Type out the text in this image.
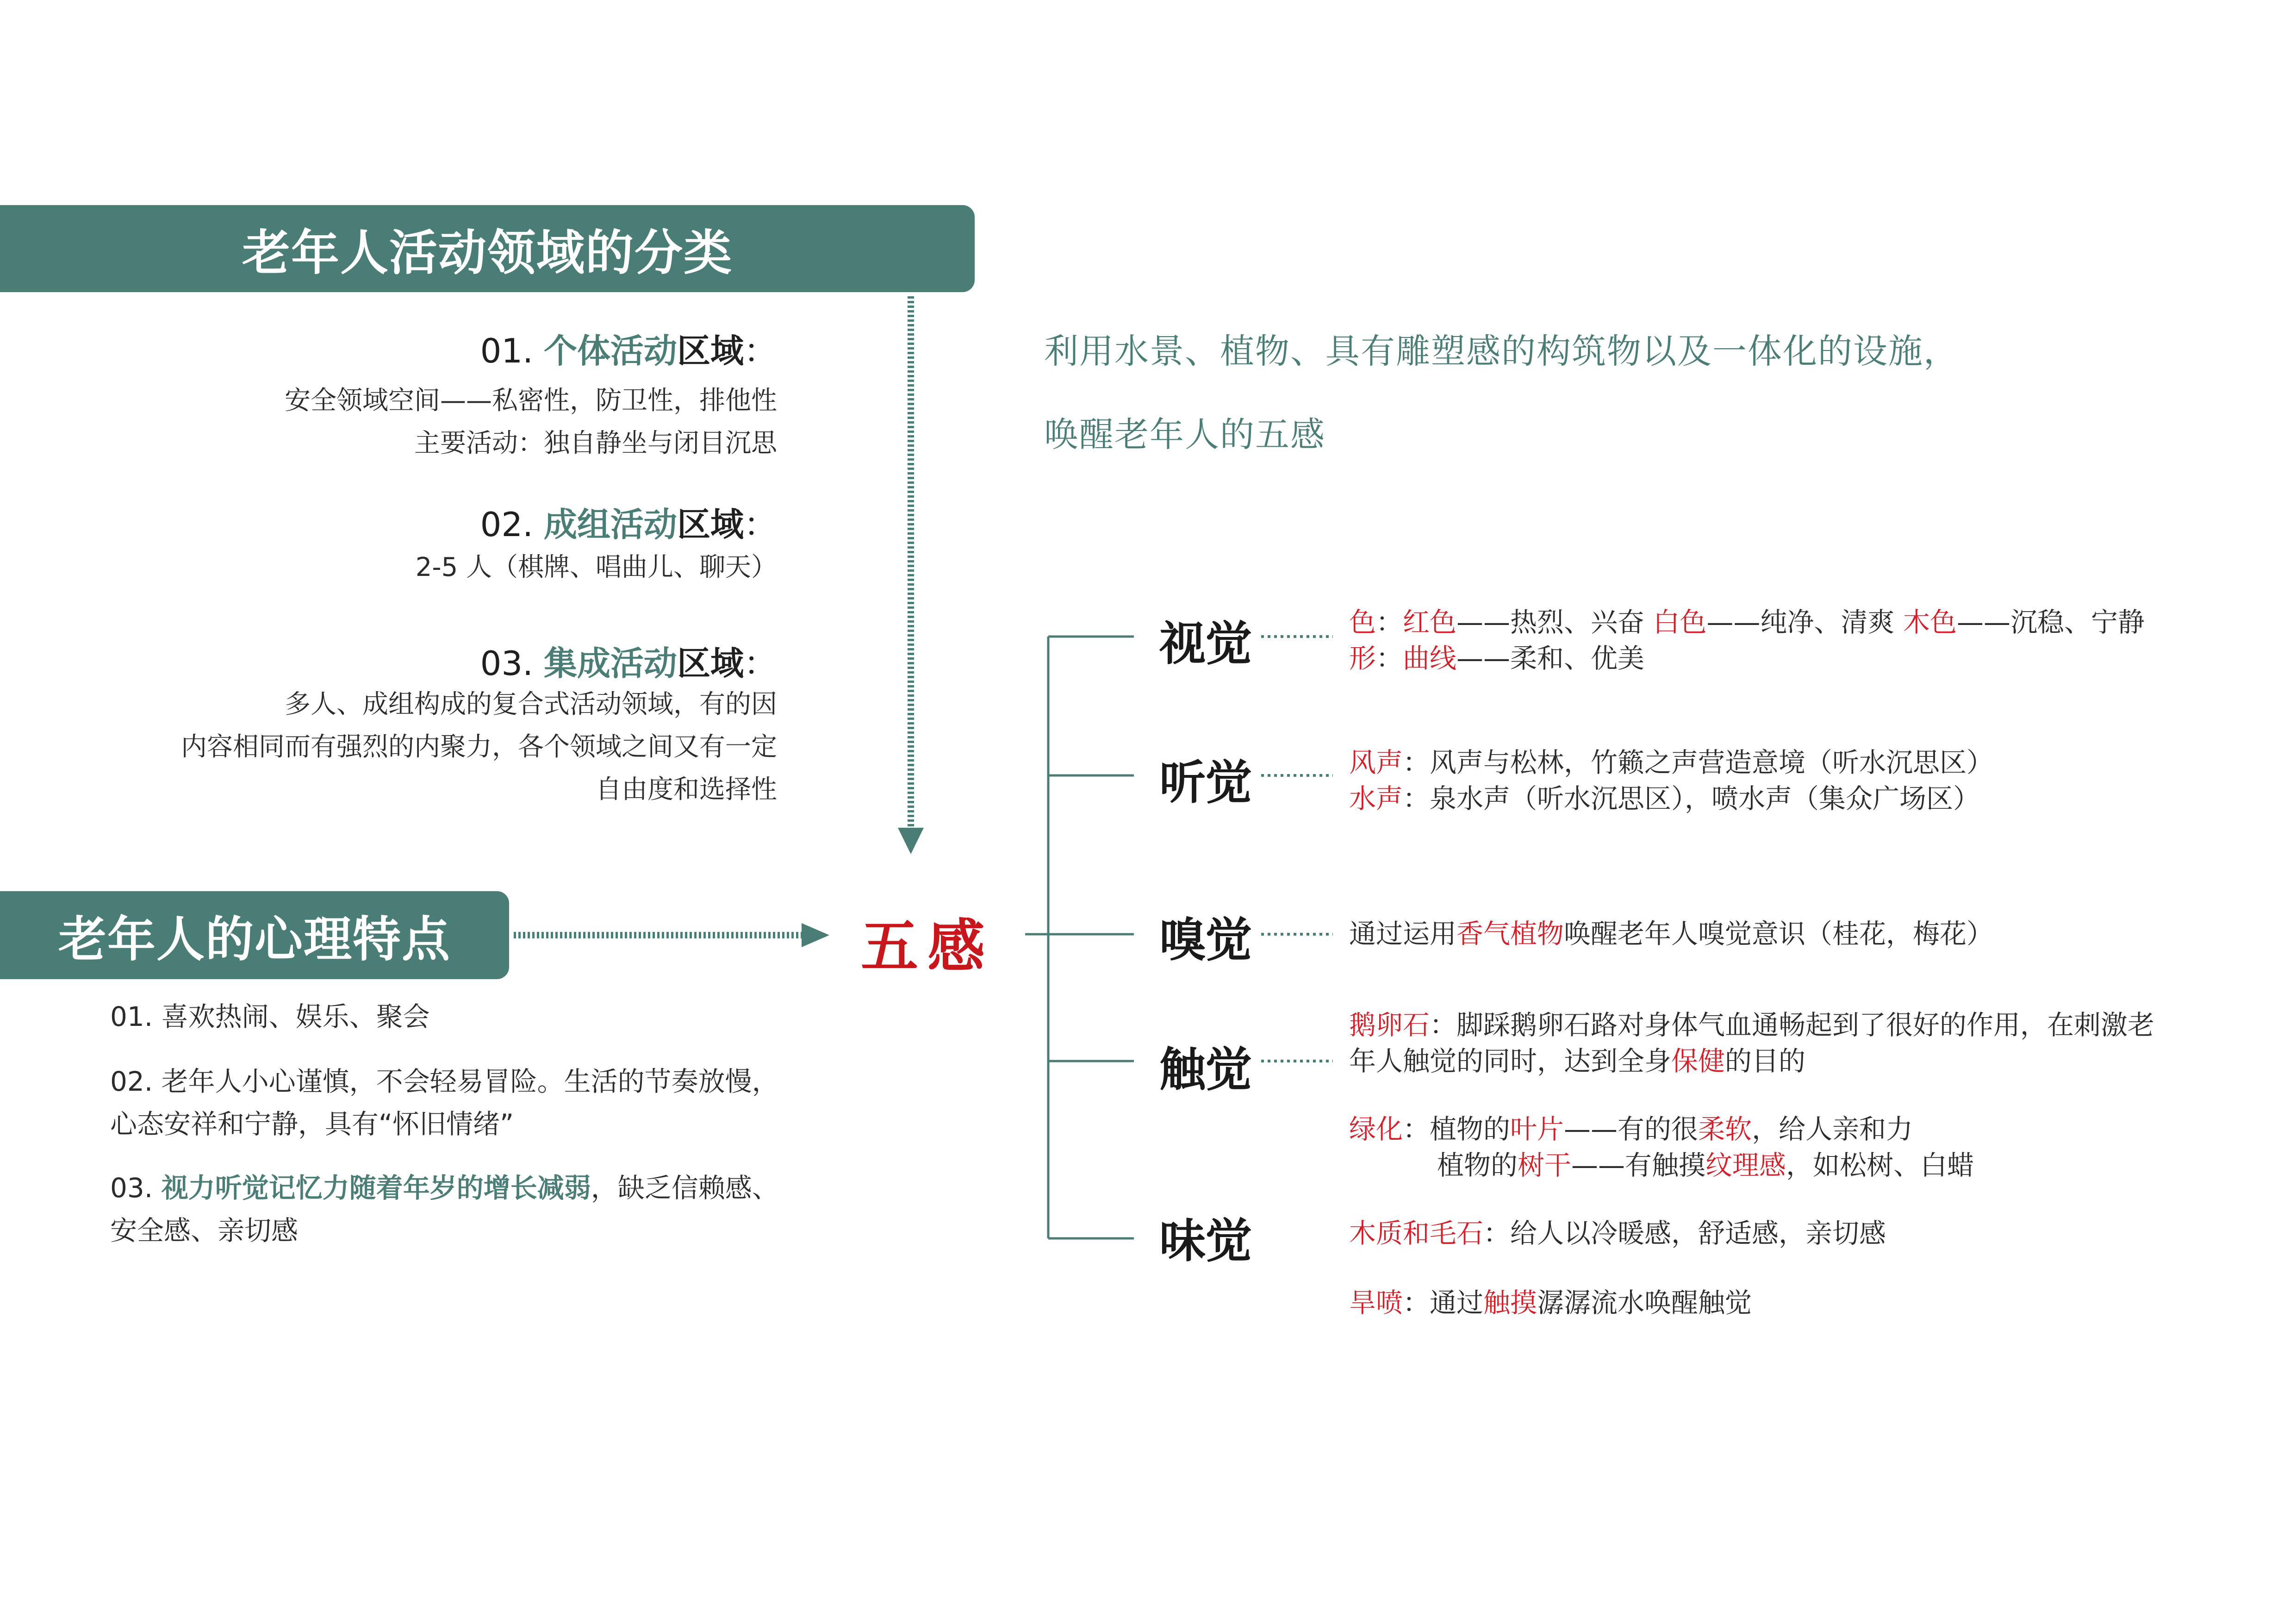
老年人活动领域的分类
老年人的心理特点
01. 个体活动区域：
安全领域空间——私密性，防卫性，排他性
主要活动：独自静坐与闭目沉思
02. 成组活动区域：
2-5 人（棋牌、唱曲儿、聊天）
03. 集成活动区域：
多人、成组构成的复合式活动领域，有的因
内容相同而有强烈的内聚力，各个领域之间又有一定
自由度和选择性
01. 喜欢热闹、娱乐、聚会
02. 老年人小心谨慎，不会轻易冒险。生活的节奏放慢，
心态安祥和宁静，具有“怀旧情绪”
03. 视力听觉记忆力随着年岁的增长减弱，缺乏信赖感、
安全感、亲切感
利用水景、植物、具有雕塑感的构筑物以及一体化的设施，
唤醒老年人的五感
五感
视觉	色：红色——热烈、兴奋 白色——纯净、清爽 木色——沉稳、宁静
形：曲线——柔和、优美
听觉	风声：风声与松林，竹籁之声营造意境（听水沉思区）
水声：泉水声（听水沉思区），喷水声（集众广场区）
嗅觉	通过运用香气植物唤醒老年人嗅觉意识（桂花，梅花）
触觉
鹅卵石：脚踩鹅卵石路对身体气血通畅起到了很好的作用，在刺激老
年人触觉的同时，达到全身保健的目的
绿化：植物的叶片——有的很柔软，给人亲和力
植物的树干——有触摸纹理感，如松树、白蜡
味觉	木质和毛石：给人以冷暖感，舒适感，亲切感
旱喷：通过触摸潺潺流水唤醒触觉
